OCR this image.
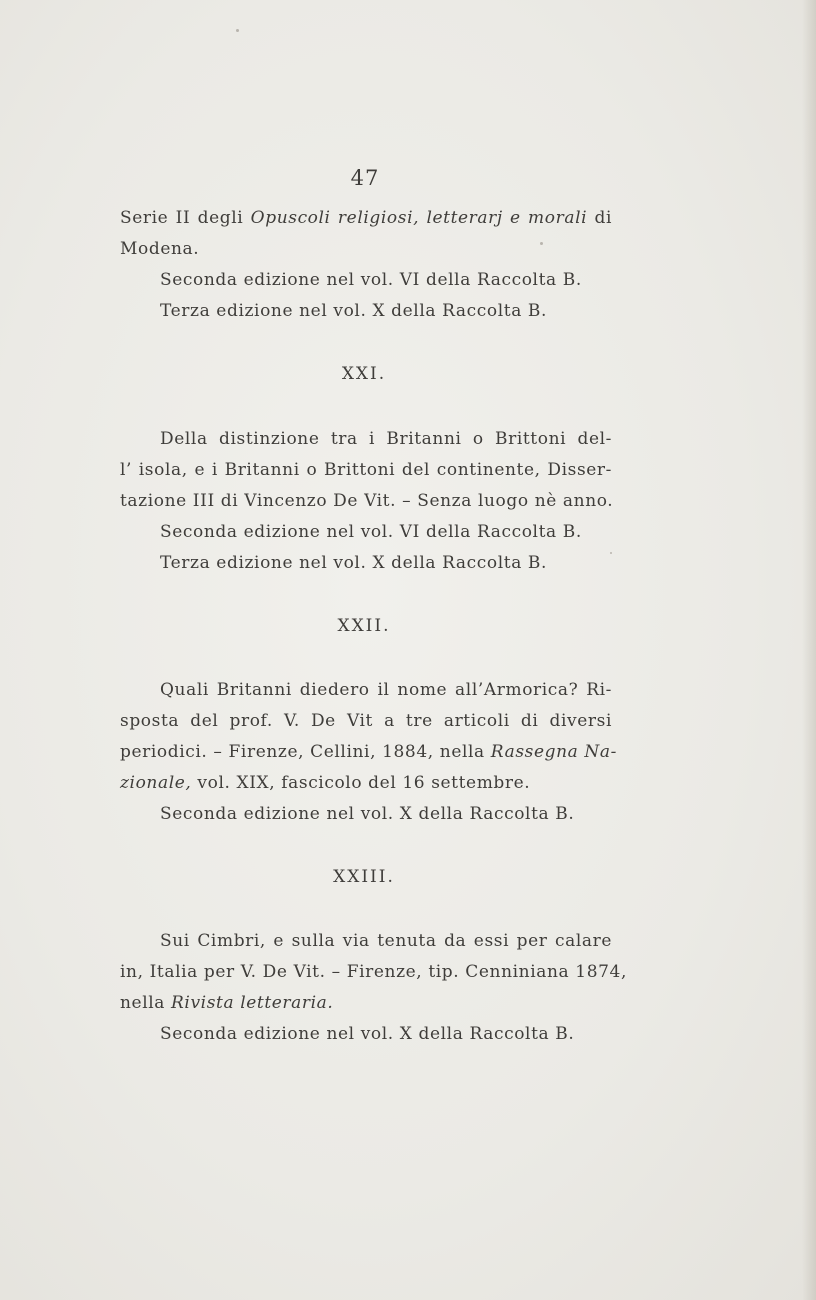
47
Serie II degli Opuscoli religiosi, letterarj e morali di
Modena.
Seconda edizione nel vol. VI della Raccolta B.
Terza edizione nel vol. X della Raccolta B.
XXI.
Della distinzione tra i Britanni o Brittoni del-
l’ isola, e i Britanni o Brittoni del continente, Disser-
tazione III di Vincenzo De Vit. – Senza luogo nè anno.
Seconda edizione nel vol. VI della Raccolta B.
Terza edizione nel vol. X della Raccolta B.
XXII.
Quali Britanni diedero il nome all’Armorica? Ri-
sposta del prof. V. De Vit a tre articoli di diversi
periodici. – Firenze, Cellini, 1884, nella Rassegna Na-
zionale, vol. XIX, fascicolo del 16 settembre.
Seconda edizione nel vol. X della Raccolta B.
XXIII.
Sui Cimbri, e sulla via tenuta da essi per calare
in, Italia per V. De Vit. – Firenze, tip. Cenniniana 1874,
nella Rivista letteraria.
Seconda edizione nel vol. X della Raccolta B.
